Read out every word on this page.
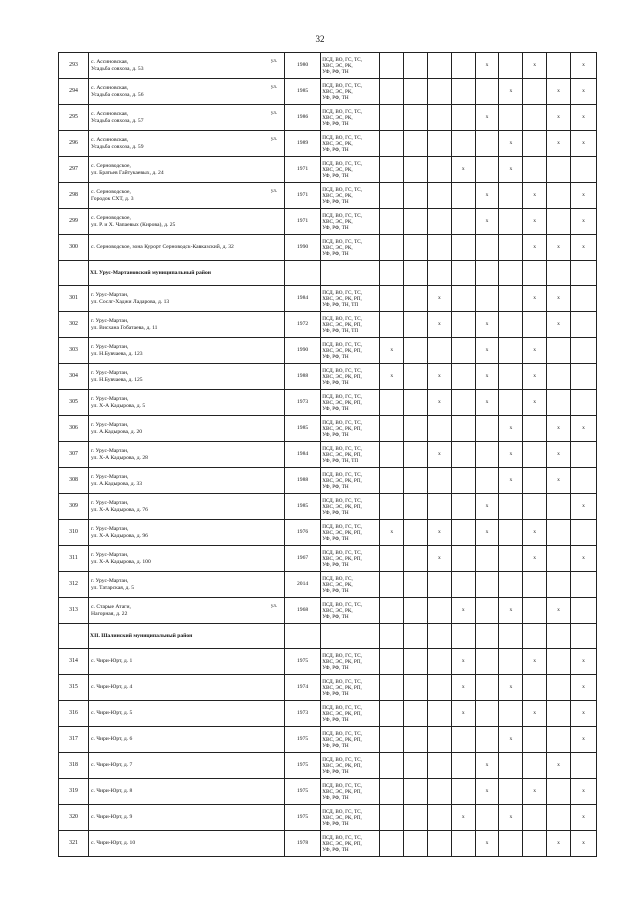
32
293	с. Ассиновская,
Усадьба совхоза, д. 53
ул.	1980	ПСД, ВО, ГС, ТС,
ХВС, ЭС, РК,
УФ, РФ, ТН					x		x		x
294	с. Ассиновская,
Усадьба совхоза, д. 56
ул.	1985	ПСД, ВО, ГС, ТС,
ХВС, ЭС, РК,
УФ, РФ, ТН						x		x	x
295	с. Ассиновская,
Усадьба совхоза, д. 57
ул.	1986	ПСД, ВО, ГС, ТС,
ХВС, ЭС, РК,
УФ, РФ, ТН					x			x	x
296	с. Ассиновская,
Усадьба совхоза, д. 59
ул.	1989	ПСД, ВО, ГС, ТС,
ХВС, ЭС, РК,
УФ, РФ, ТН						x		x	x
297	с. Серноводское,
ул. Братьев Гайтукаевых, д. 24	1971	ПСД, ВО, ГС, ТС,
ХВС, ЭС, РК,
УФ, РФ, ТН				x		x			
298	с. Серноводское,
Городок СХТ, д. 3
ул.	1971	ПСД, ВО, ГС, ТС,
ХВС, ЭС, РК,
УФ, РФ, ТН					x		x		x
299	с. Серноводское,
ул. Р. и Х. Чапаевых (Кирова), д. 25	1971	ПСД, ВО, ГС, ТС,
ХВС, ЭС, РК,
УФ, РФ, ТН					x		x		x
300	с. Серноводское, зона Курорт Серноводск-Кавказский, д. 32	1990	ПСД, ВО, ГС, ТС,
ХВС, ЭС, РК,
УФ, РФ, ТН							x	x	x
	XI. Урус-Мартановский муниципальный район											
301	г. Урус-Мартан,
ул. Сослг-Хаджи Ладарова, д. 13	1984	ПСД, ВО, ГС, ТС,
ХВС, ЭС, РК, РП,
УФ, РФ, ТН, ТП			x				x	x	
302	г. Урус-Мартан,
ул. Висхана Гобатаева, д. 11	1972	ПСД, ВО, ГС, ТС,
ХВС, ЭС, РК, РП,
УФ, РФ, ТН, ТП			x		x			x	
303	г. Урус-Мартан,
ул. Н.Бувчаева, д. 123	1990	ПСД, ВО, ГС, ТС,
ХВС, ЭС, РК, РП,
УФ, РФ, ТН	x				x		x		
304	г. Урус-Мартан,
ул. Н.Бувчаева, д. 125	1988	ПСД, ВО, ГС, ТС,
ХВС, ЭС, РК, РП,
УФ, РФ, ТН	x		x		x		x		
305	г. Урус-Мартан,
ул. Х-А Кадырова, д. 5	1973	ПСД, ВО, ГС, ТС,
ХВС, ЭС, РК, РП,
УФ, РФ, ТН			x		x		x		
306	г. Урус-Мартан,
ул. А.Кадырова, д. 20	1985	ПСД, ВО, ГС, ТС,
ХВС, ЭС, РК, РП,
УФ, РФ, ТН						x		x	x
307	г. Урус-Мартан,
ул. Х-А Кадырова, д. 28	1984	ПСД, ВО, ГС, ТС,
ХВС, ЭС, РК, РП,
УФ, РФ, ТН, ТП			x			x		x	
308	г. Урус-Мартан,
ул. А.Кадырова, д. 33	1988	ПСД, ВО, ГС, ТС,
ХВС, ЭС, РК, РП,
УФ, РФ, ТН						x		x	
309	г. Урус-Мартан,
ул. Х-А Кадырова, д. 76	1985	ПСД, ВО, ГС, ТС,
ХВС, ЭС, РК, РП,
УФ, РФ, ТН					x				x
310	г. Урус-Мартан,
ул. Х-А Кадырова, д. 96	1976	ПСД, ВО, ГС, ТС,
ХВС, ЭС, РК, РП,
УФ, РФ, ТН	x		x		x		x		
311	г. Урус-Мартан,
ул. Х-А Кадырова, д. 100	1967	ПСД, ВО, ГС, ТС,
ХВС, ЭС, РК, РП,
УФ, РФ, ТН			x				x		x
312	г. Урус-Мартан,
ул. Татарская, д. 5	2014	ПСД, ВО, ГС,
ХВС, ЭС, РК,
УФ, РФ, ТН									

313	с. Старые Атаги,
Нагорная, д. 22
ул.	1968	ПСД, ВО, ГС, ТС,
ХВС, ЭС, РК,
УФ, РФ, ТН				x		x		x	
	XII. Шалинский муниципальный район											
314	с. Чири-Юрт, д. 1	1975	ПСД, ВО, ГС, ТС,
ХВС, ЭС, РК, РП,
УФ, РФ, ТН				x			x		x
315	с. Чири-Юрт, д. 4	1974	ПСД, ВО, ГС, ТС,
ХВС, ЭС, РК, РП,
УФ, РФ, ТН				x		x			x
316	с. Чири-Юрт, д. 5	1973	ПСД, ВО, ГС, ТС,
ХВС, ЭС, РК, РП,
УФ, РФ, ТН				x			x		x
317	с. Чири-Юрт, д. 6	1975	ПСД, ВО, ГС, ТС,
ХВС, ЭС, РК, РП,
УФ, РФ, ТН						x			x
318	с. Чири-Юрт, д. 7	1975	ПСД, ВО, ГС, ТС,
ХВС, ЭС, РК, РП,
УФ, РФ, ТН					x			x	
319	с. Чири-Юрт, д. 8	1975	ПСД, ВО, ГС, ТС,
ХВС, ЭС, РК, РП,
УФ, РФ, ТН					x		x		x
320	с. Чири-Юрт, д. 9	1975	ПСД, ВО, ГС, ТС,
ХВС, ЭС, РК, РП,
УФ, РФ, ТН				x		x			x
321	с. Чири-Юрт, д. 10	1978	ПСД, ВО, ГС, ТС,
ХВС, ЭС, РК, РП,
УФ, РФ, ТН					x			x	x
